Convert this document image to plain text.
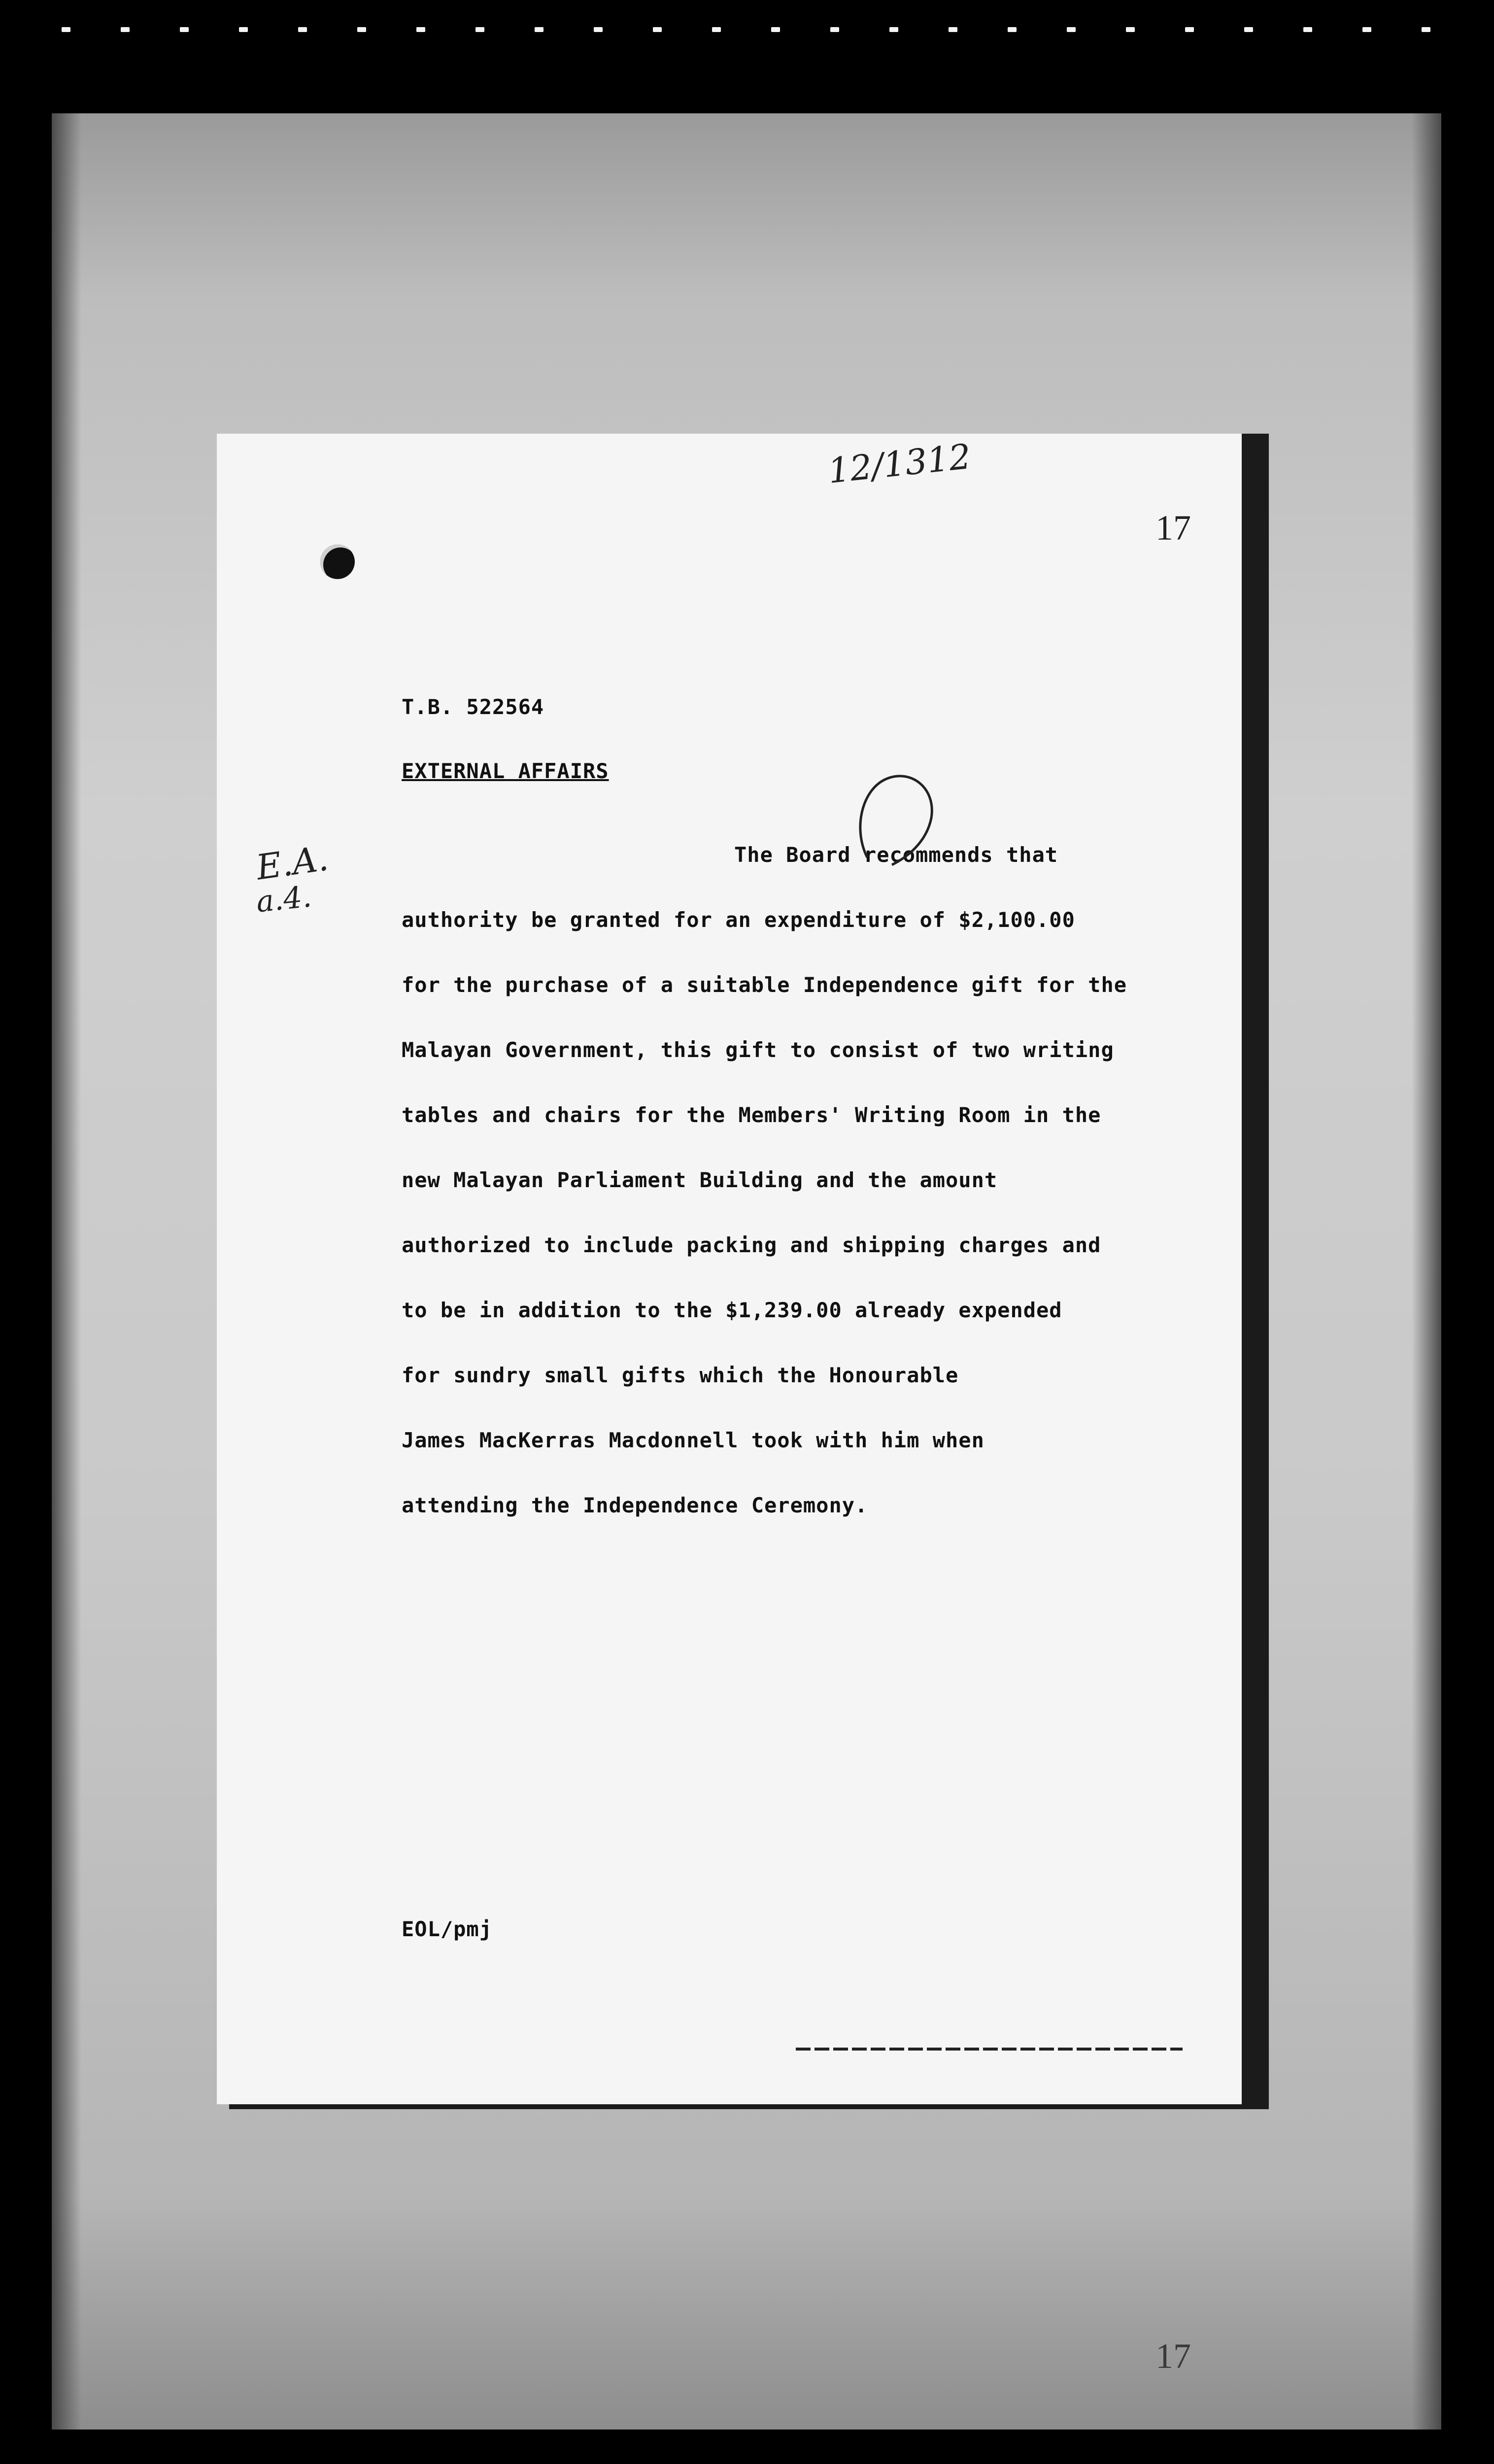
12/1312
17
T.B. 522564
EXTERNAL AFFAIRS
E.A.
a.4.
The Board recommends that
authority be granted for an expenditure of $2,100.00
for the purchase of a suitable Independence gift for the
Malayan Government, this gift to consist of two writing
tables and chairs for the Members' Writing Room in the
new Malayan Parliament Building and the amount
authorized to include packing and shipping charges and
to be in addition to the $1,239.00 already expended
for sundry small gifts which the Honourable
James MacKerras Macdonnell took with him when
attending the Independence Ceremony.
EOL/pmj
17
